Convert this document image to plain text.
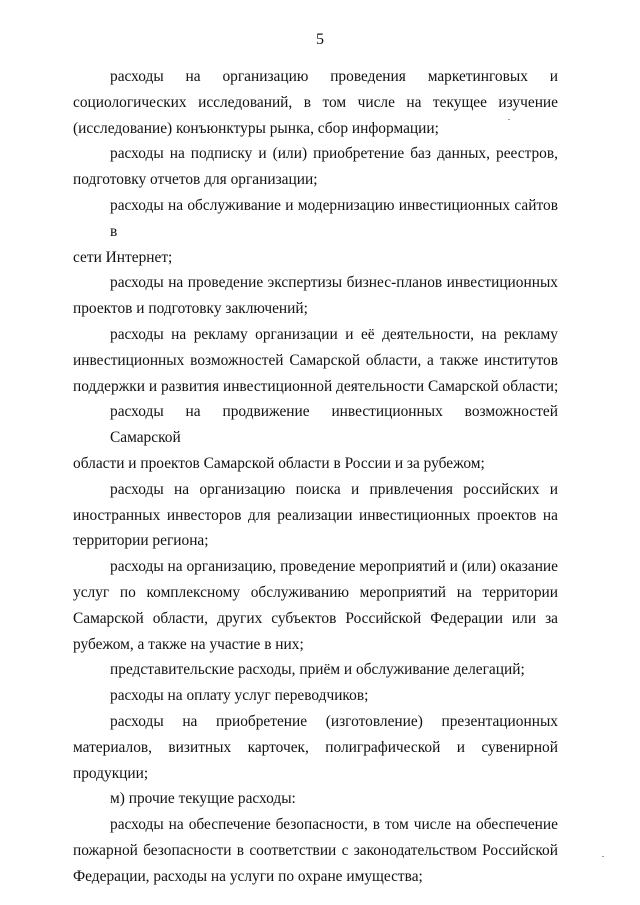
5
расходы на организацию проведения маркетинговых и
социологических исследований, в том числе на текущее изучение
(исследование) конъюнктуры рынка, сбор информации;
расходы на подписку и (или) приобретение баз данных, реестров,
подготовку отчетов для организации;
расходы на обслуживание и модернизацию инвестиционных сайтов в
сети Интернет;
расходы на проведение экспертизы бизнес-планов инвестиционных
проектов и подготовку заключений;
расходы на рекламу организации и её деятельности, на рекламу
инвестиционных возможностей Самарской области, а также институтов
поддержки и развития инвестиционной деятельности Самарской области;
расходы на продвижение инвестиционных возможностей Самарской
области и проектов Самарской области в России и за рубежом;
расходы на организацию поиска и привлечения российских и
иностранных инвесторов для реализации инвестиционных проектов на
территории региона;
расходы на организацию, проведение мероприятий и (или) оказание
услуг по комплексному обслуживанию мероприятий на территории
Самарской области, других субъектов Российской Федерации или за
рубежом, а также на участие в них;
представительские расходы, приём и обслуживание делегаций;
расходы на оплату услуг переводчиков;
расходы на приобретение (изготовление) презентационных
материалов, визитных карточек, полиграфической и сувенирной
продукции;
м) прочие текущие расходы:
расходы на обеспечение безопасности, в том числе на обеспечение
пожарной безопасности в соответствии с законодательством Российской
Федерации, расходы на услуги по охране имущества;
